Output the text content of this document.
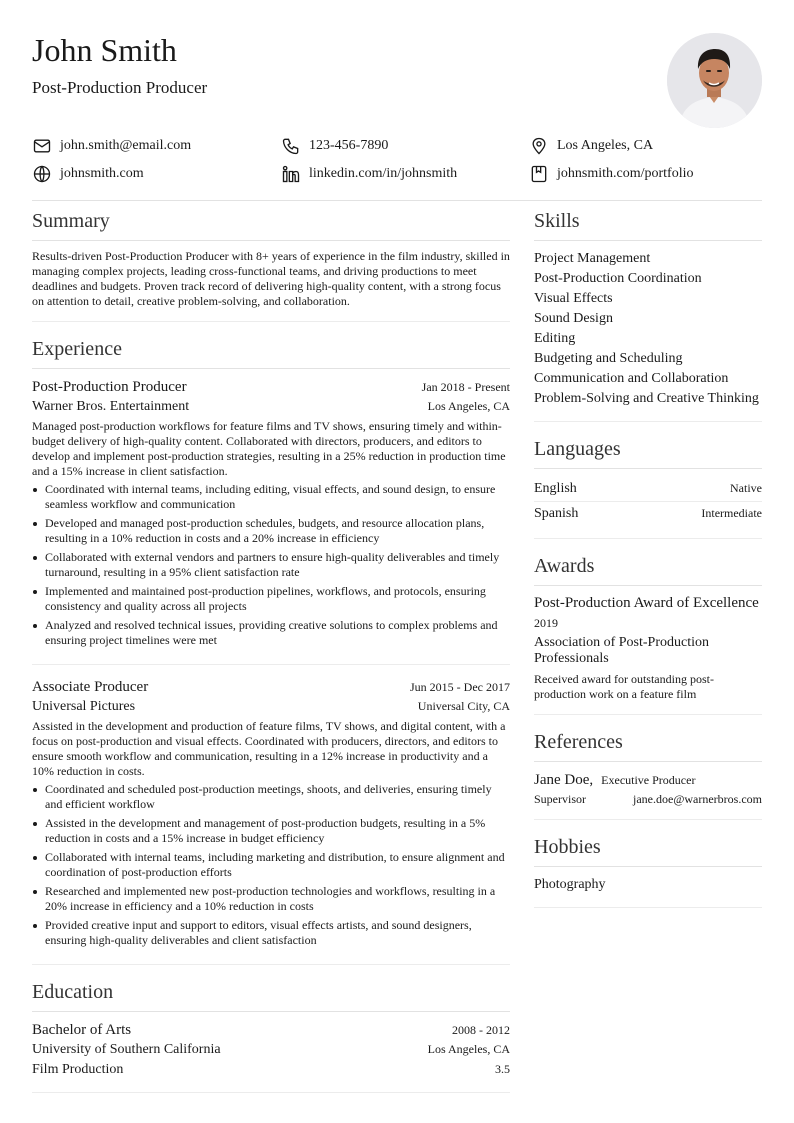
John Smith
Post-Production Producer
john.smith@email.com	123-456-7890	Los Angeles, CA
johnsmith.com	linkedin.com/in/johnsmith	johnsmith.com/portfolio
Summary

Results-driven Post-Production Producer with 8+ years of experience in the film industry, skilled in managing complex projects, leading cross-functional teams, and driving productions to meet deadlines and budgets. Proven track record of delivering high-quality content, with a strong focus on attention to detail, creative problem-solving, and collaboration.

Experience
Post-Production Producer	Jan 2018 - Present
Warner Bros. Entertainment	Los Angeles, CA

Managed post-production workflows for feature films and TV shows, ensuring timely and within-budget delivery of high-quality content. Collaborated with directors, producers, and editors to develop and implement post-production strategies, resulting in a 25% reduction in production time and a 15% increase in client satisfaction.

Coordinated with internal teams, including editing, visual effects, and sound design, to ensure seamless workflow and communication
Developed and managed post-production schedules, budgets, and resource allocation plans, resulting in a 10% reduction in costs and a 20% increase in efficiency
Collaborated with external vendors and partners to ensure high-quality deliverables and timely turnaround, resulting in a 95% client satisfaction rate
Implemented and maintained post-production pipelines, workflows, and protocols, ensuring consistency and quality across all projects
Analyzed and resolved technical issues, providing creative solutions to complex problems and ensuring project timelines were met
Associate Producer	Jun 2015 - Dec 2017
Universal Pictures	Universal City, CA

Assisted in the development and production of feature films, TV shows, and digital content, with a focus on post-production and visual effects. Coordinated with producers, directors, and editors to ensure smooth workflow and communication, resulting in a 12% increase in productivity and a 10% reduction in costs.

Coordinated and scheduled post-production meetings, shoots, and deliveries, ensuring timely and efficient workflow
Assisted in the development and management of post-production budgets, resulting in a 5% reduction in costs and a 15% increase in budget efficiency
Collaborated with internal teams, including marketing and distribution, to ensure alignment and coordination of post-production efforts
Researched and implemented new post-production technologies and workflows, resulting in a 20% increase in efficiency and a 10% reduction in costs
Provided creative input and support to editors, visual effects artists, and sound designers, ensuring high-quality deliverables and client satisfaction
Education
Bachelor of Arts	2008 - 2012
University of Southern California	Los Angeles, CA
Film Production	3.5
Skills
Project Management
Post-Production Coordination
Visual Effects
Sound Design
Editing
Budgeting and Scheduling
Communication and Collaboration
Problem-Solving and Creative Thinking
Languages
English	Native
Spanish	Intermediate
Awards
Post-Production Award of Excellence
2019
Association of Post-Production Professionals
Received award for outstanding post-production work on a feature film
References
Jane Doe, Executive Producer
Supervisor	jane.doe@warnerbros.com
Hobbies
Photography
